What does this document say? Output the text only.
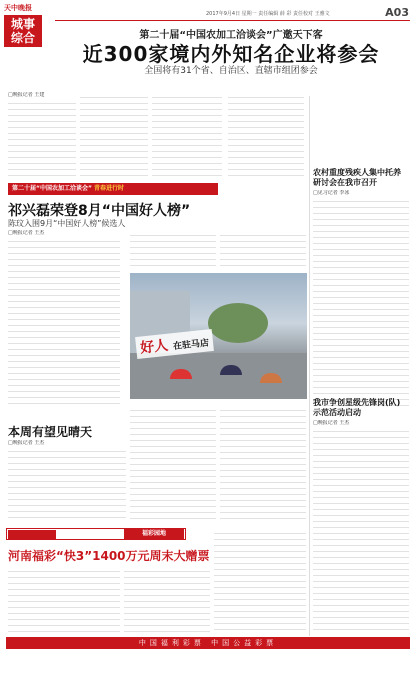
天中晚报
城事
综合
2017年9月4日 星期一 责任编辑 薛 彩 责任校对 王雅文	A03
第二十届“中国农加工洽谈会”广邀天下客
近300家境内外知名企业将参会
全国将有31个省、自治区、直辖市组团参会
□晚报记者 王建
第二十届“中国农加工洽谈会” 青春进行时
祁兴磊荣登8月“中国好人榜”
陈玟入围9月“中国好人榜”候选人
□晚报记者 王杰
好人 在驻马店
农村重度残疾人集中托养
研讨会在我市召开
□见习记者 李冰
我市争创星级先锋岗(队)
示范活动启动
□晚报记者 王杰
本周有望见晴天
□晚报记者 王杰
福彩园地
河南福彩“快3”1400万元周末大赠票
中国福利彩票 中国公益彩票
